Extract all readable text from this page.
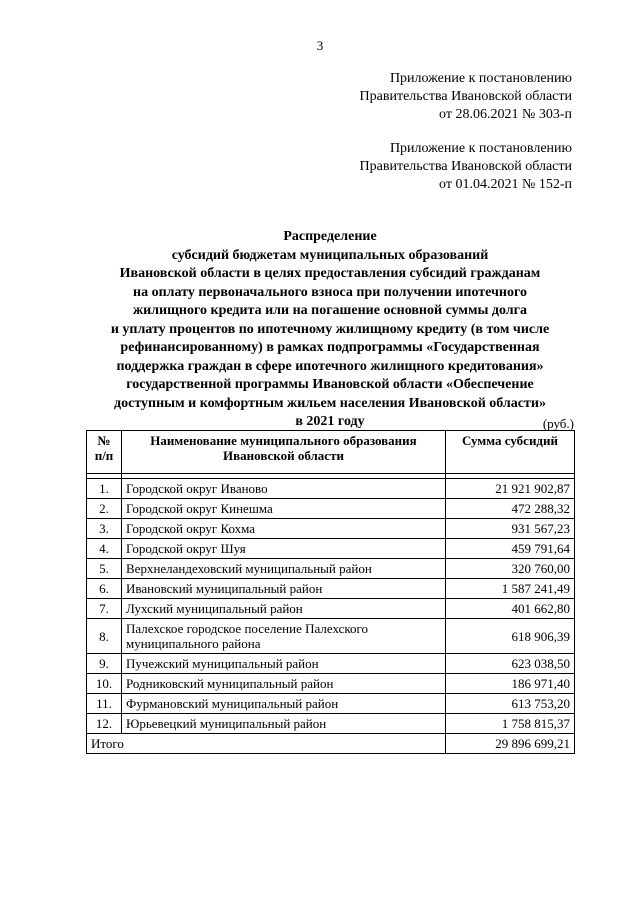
3
Приложение к постановлению
Правительства Ивановской области
от 28.06.2021 № 303-п
Приложение к постановлению
Правительства Ивановской области
от 01.04.2021 № 152-п
Распределение
субсидий бюджетам муниципальных образований
Ивановской области в целях предоставления субсидий гражданам
на оплату первоначального взноса при получении ипотечного
жилищного кредита или на погашение основной суммы долга
и уплату процентов по ипотечному жилищному кредиту (в том числе
рефинансированному) в рамках подпрограммы «Государственная
поддержка граждан в сфере ипотечного жилищного кредитования»
государственной программы Ивановской области «Обеспечение
доступным и комфортным жильем населения Ивановской области»
в 2021 году	(руб.)
№ п/п	Наименование муниципального образования Ивановской области	Сумма субсидий

1.	Городской округ Иваново	21 921 902,87
2.	Городской округ Кинешма	472 288,32
3.	Городской округ Кохма	931 567,23
4.	Городской округ Шуя	459 791,64
5.	Верхнеландеховский муниципальный район	320 760,00
6.	Ивановский муниципальный район	1 587 241,49
7.	Лухский муниципальный район	401 662,80
8.	Палехское городское поселение Палехского муниципального района	618 906,39
9.	Пучежский муниципальный район	623 038,50
10.	Родниковский муниципальный район	186 971,40
11.	Фурмановский муниципальный район	613 753,20
12.	Юрьевецкий муниципальный район	1 758 815,37
Итого		29 896 699,21
